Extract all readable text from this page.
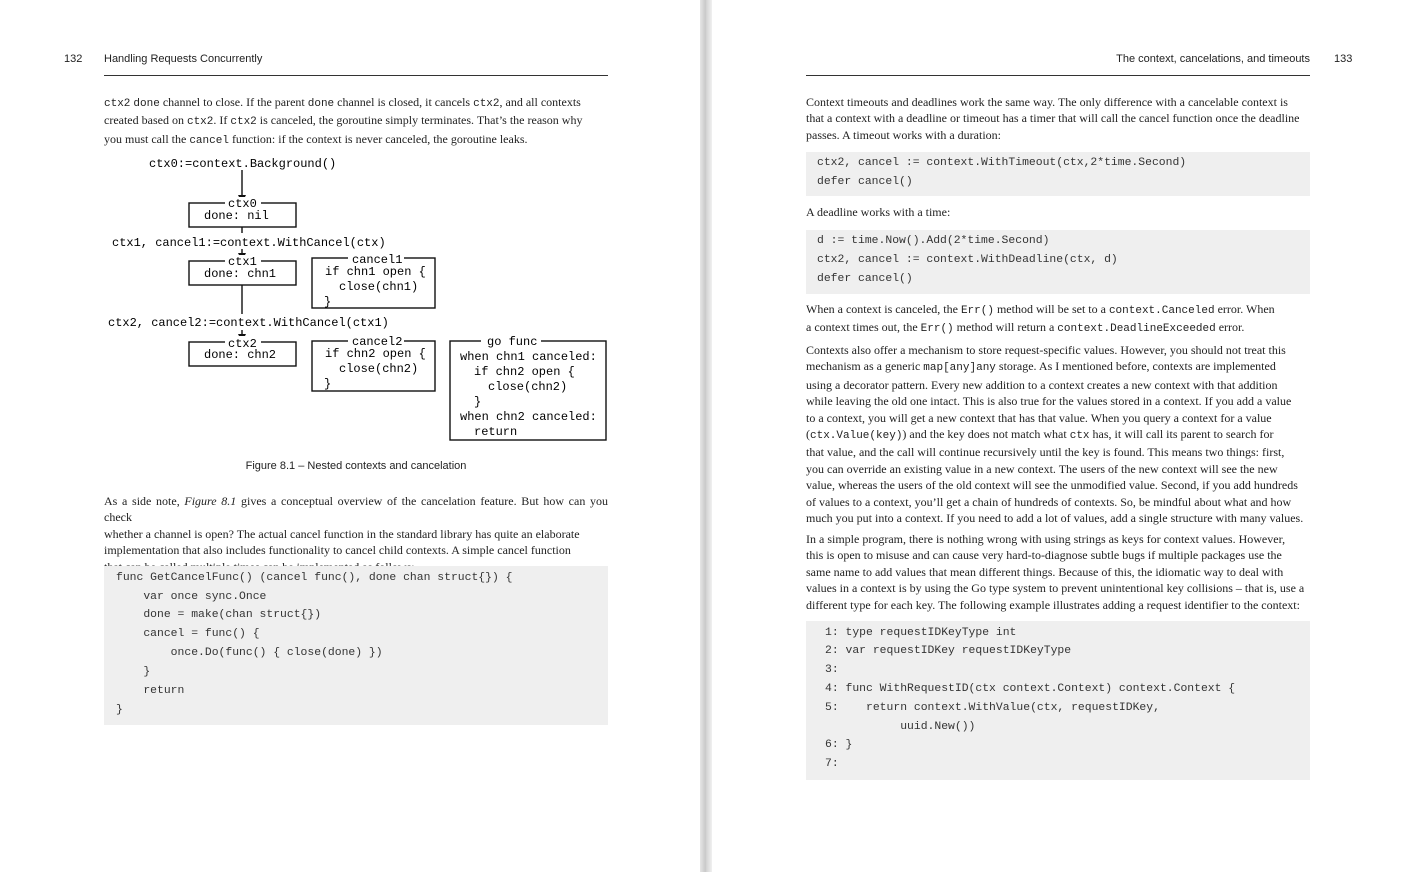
132 Handling Requests Concurrently
ctx2 done channel to close. If the parent done channel is closed, it cancels ctx2, and all contexts
created based on ctx2. If ctx2 is canceled, the goroutine simply terminates. That’s the reason why
you must call the cancel function: if the context is never canceled, the goroutine leaks.
ctx0:=context.Background()
ctx0
done: nil
ctx1, cancel1:=context.WithCancel(ctx)
ctx1
done: chn1
cancel1
if chn1 open {
close(chn1)
}
ctx2, cancel2:=context.WithCancel(ctx1)
ctx2
done: chn2
cancel2
if chn2 open {
close(chn2)
}
go func
when chn1 canceled:
if chn2 open {
close(chn2)
}
when chn2 canceled:
return
Figure 8.1 – Nested contexts and cancelation
As a side note, Figure 8.1 gives a conceptual overview of the cancelation feature. But how can you check
whether a channel is open? The actual cancel function in the standard library has quite an elaborate
implementation that also includes functionality to cancel child contexts. A simple cancel function
func GetCancelFunc() (cancel func(), done chan struct{}) {
var once sync.Once
done = make(chan struct{})
cancel = func() {
once.Do(func() { close(done) })
}
return
}
The context, cancelations, and timeouts 133
Context timeouts and deadlines work the same way. The only difference with a cancelable context is
that a context with a deadline or timeout has a timer that will call the cancel function once the deadline
passes. A timeout works with a duration:
ctx2, cancel := context.WithTimeout(ctx,2*time.Second)
defer cancel()
A deadline works with a time:
d := time.Now().Add(2*time.Second)
ctx2, cancel := context.WithDeadline(ctx, d)
defer cancel()
When a context is canceled, the Err() method will be set to a context.Canceled error. When
a context times out, the Err() method will return a context.DeadlineExceeded error.
Contexts also offer a mechanism to store request-specific values. However, you should not treat this
mechanism as a generic map[any]any storage. As I mentioned before, contexts are implemented
using a decorator pattern. Every new addition to a context creates a new context with that addition
while leaving the old one intact. This is also true for the values stored in a context. If you add a value
to a context, you will get a new context that has that value. When you query a context for a value
(ctx.Value(key)) and the key does not match what ctx has, it will call its parent to search for
that value, and the call will continue recursively until the key is found. This means two things: first,
you can override an existing value in a new context. The users of the new context will see the new
value, whereas the users of the old context will see the unmodified value. Second, if you add hundreds
of values to a context, you’ll get a chain of hundreds of contexts. So, be mindful about what and how
much you put into a context. If you need to add a lot of values, add a single structure with many values.
In a simple program, there is nothing wrong with using strings as keys for context values. However,
this is open to misuse and can cause very hard-to-diagnose subtle bugs if multiple packages use the
same name to add values that mean different things. Because of this, the idiomatic way to deal with
values in a context is by using the Go type system to prevent unintentional key collisions – that is, use a
different type for each key. The following example illustrates adding a request identifier to the context:
1: type requestIDKeyType int
2: var requestIDKey requestIDKeyType
3:
4: func WithRequestID(ctx context.Context) context.Context {
5:    return context.WithValue(ctx, requestIDKey,
uuid.New())
6: }
7:
